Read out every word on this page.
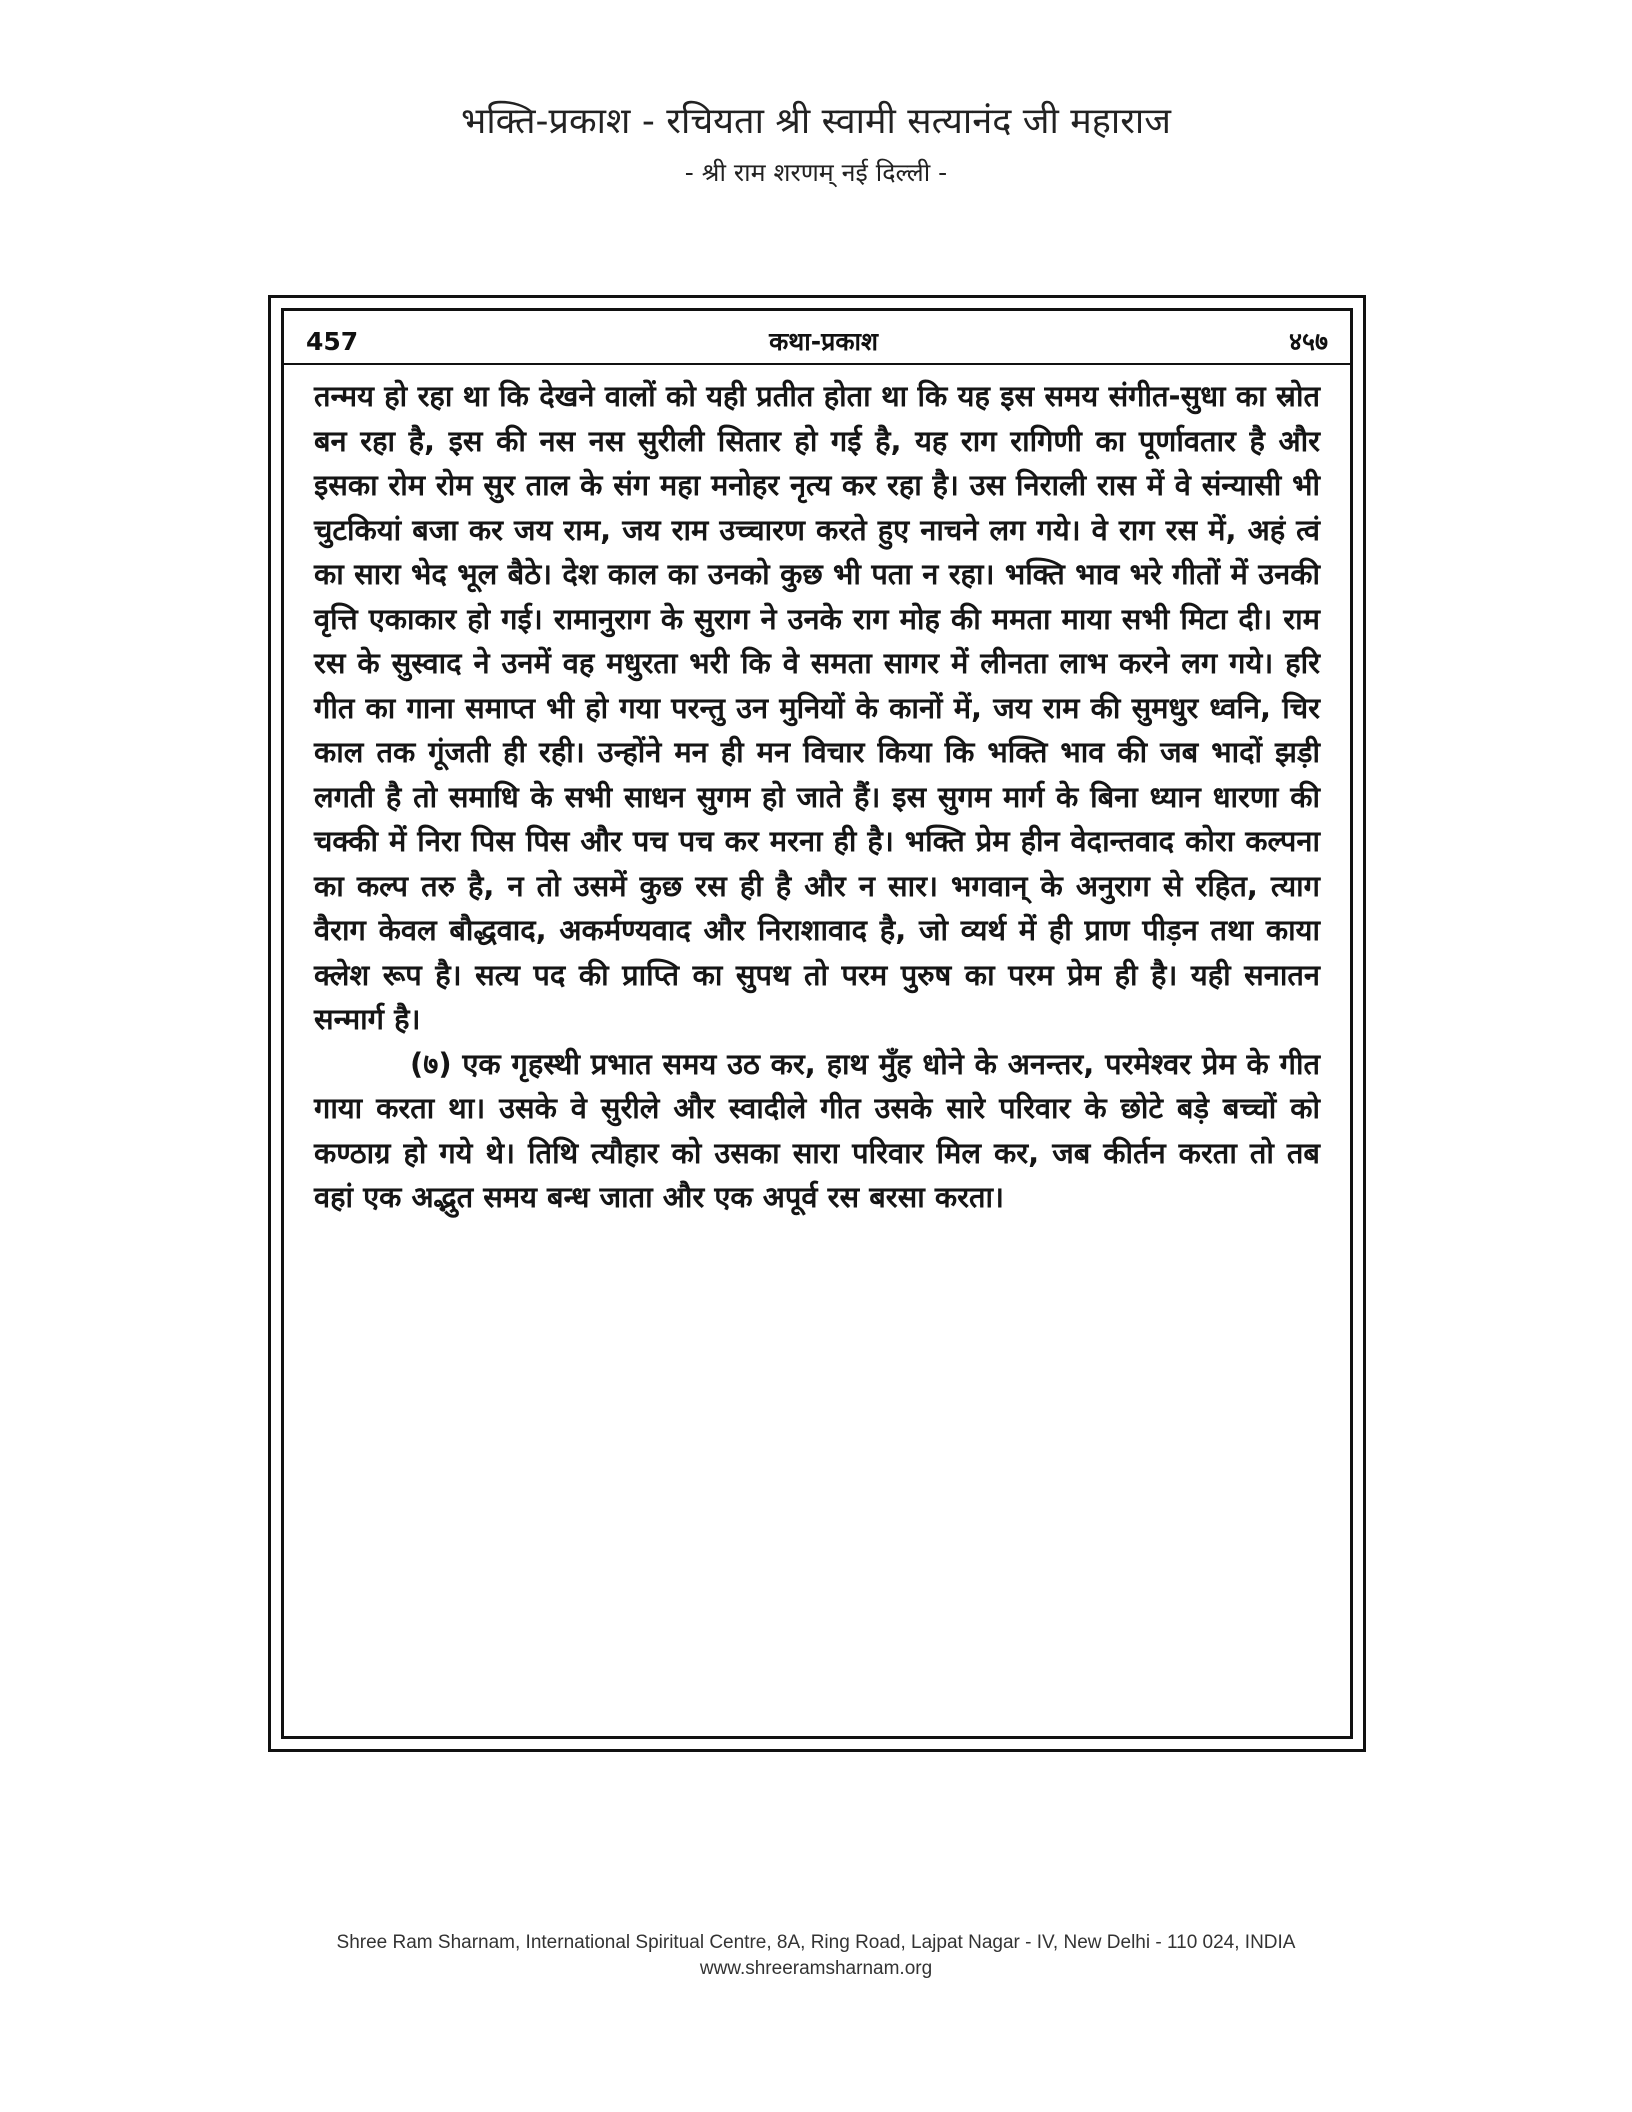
भक्ति-प्रकाश - रचियता श्री स्वामी सत्यानंद जी महाराज
- श्री राम शरणम् नई दिल्ली -
457	कथा-प्रकाश	४५७

तन्मय हो रहा था कि देखने वालों को यही प्रतीत होता था कि यह इस समय संगीत-सुधा का स्रोत बन रहा है, इस की नस नस सुरीली सितार हो गई है, यह राग रागिणी का पूर्णावतार है और इसका रोम रोम सुर ताल के संग महा मनोहर नृत्य कर रहा है। उस निराली रास में वे संन्यासी भी चुटकियां बजा कर जय राम, जय राम उच्चारण करते हुए नाचने लग गये। वे राग रस में, अहं त्वं का सारा भेद भूल बैठे। देश काल का उनको कुछ भी पता न रहा। भक्ति भाव भरे गीतों में उनकी वृत्ति एकाकार हो गई। रामानुराग के सुराग ने उनके राग मोह की ममता माया सभी मिटा दी। राम रस के सुस्वाद ने उनमें वह मधुरता भरी कि वे समता सागर में लीनता लाभ करने लग गये। हरि गीत का गाना समाप्त भी हो गया परन्तु उन मुनियों के कानों में, जय राम की सुमधुर ध्वनि, चिर काल तक गूंजती ही रही। उन्होंने मन ही मन विचार किया कि भक्ति भाव की जब भादों झड़ी लगती है तो समाधि के सभी साधन सुगम हो जाते हैं। इस सुगम मार्ग के बिना ध्यान धारणा की चक्की में निरा पिस पिस और पच पच कर मरना ही है। भक्ति प्रेम हीन वेदान्तवाद कोरा कल्पना का कल्प तरु है, न तो उसमें कुछ रस ही है और न सार। भगवान् के अनुराग से रहित, त्याग वैराग केवल बौद्धवाद, अकर्मण्यवाद और निराशावाद है, जो व्यर्थ में ही प्राण पीड़न तथा काया क्लेश रूप है। सत्य पद की प्राप्ति का सुपथ तो परम पुरुष का परम प्रेम ही है। यही सनातन सन्मार्ग है।

(७) एक गृहस्थी प्रभात समय उठ कर, हाथ मुँह धोने के अनन्तर, परमेश्वर प्रेम के गीत गाया करता था। उसके वे सुरीले और स्वादीले गीत उसके सारे परिवार के छोटे बड़े बच्चों को कण्ठाग्र हो गये थे। तिथि त्यौहार को उसका सारा परिवार मिल कर, जब कीर्तन करता तो तब वहां एक अद्भुत समय बन्ध जाता और एक अपूर्व रस बरसा करता।

Shree Ram Sharnam, International Spiritual Centre, 8A, Ring Road, Lajpat Nagar - IV, New Delhi - 110 024, INDIA
www.shreeramsharnam.org
